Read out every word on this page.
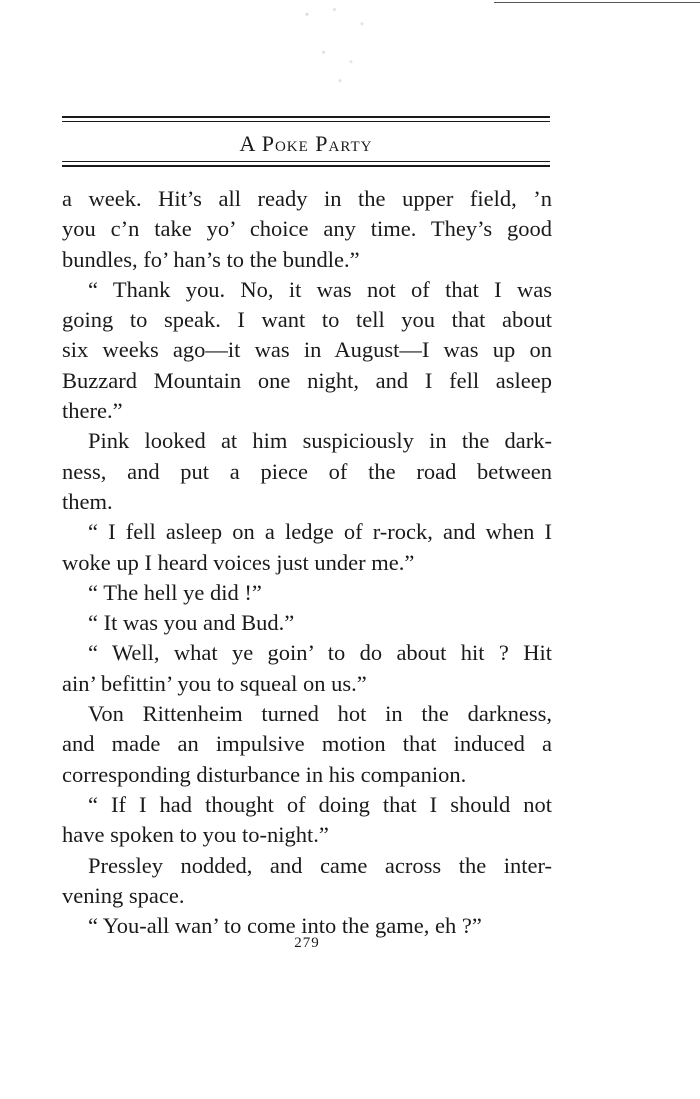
A Poke Party
a week. Hit’s all ready in the upper field, ’n
you c’n take yo’ choice any time. They’s good
bundles, fo’ han’s to the bundle.”
“ Thank you. No, it was not of that I was
going to speak. I want to tell you that about
six weeks ago—it was in August—I was up on
Buzzard Mountain one night, and I fell asleep
there.”
Pink looked at him suspiciously in the dark-
ness, and put a piece of the road between
them.
“ I fell asleep on a ledge of r-rock, and when I
woke up I heard voices just under me.”
“ The hell ye did !”
“ It was you and Bud.”
“ Well, what ye goin’ to do about hit ? Hit
ain’ befittin’ you to squeal on us.”
Von Rittenheim turned hot in the darkness,
and made an impulsive motion that induced a
corresponding disturbance in his companion.
“ If I had thought of doing that I should not
have spoken to you to-night.”
Pressley nodded, and came across the inter-
vening space.
“ You-all wan’ to come into the game, eh ?”
279
